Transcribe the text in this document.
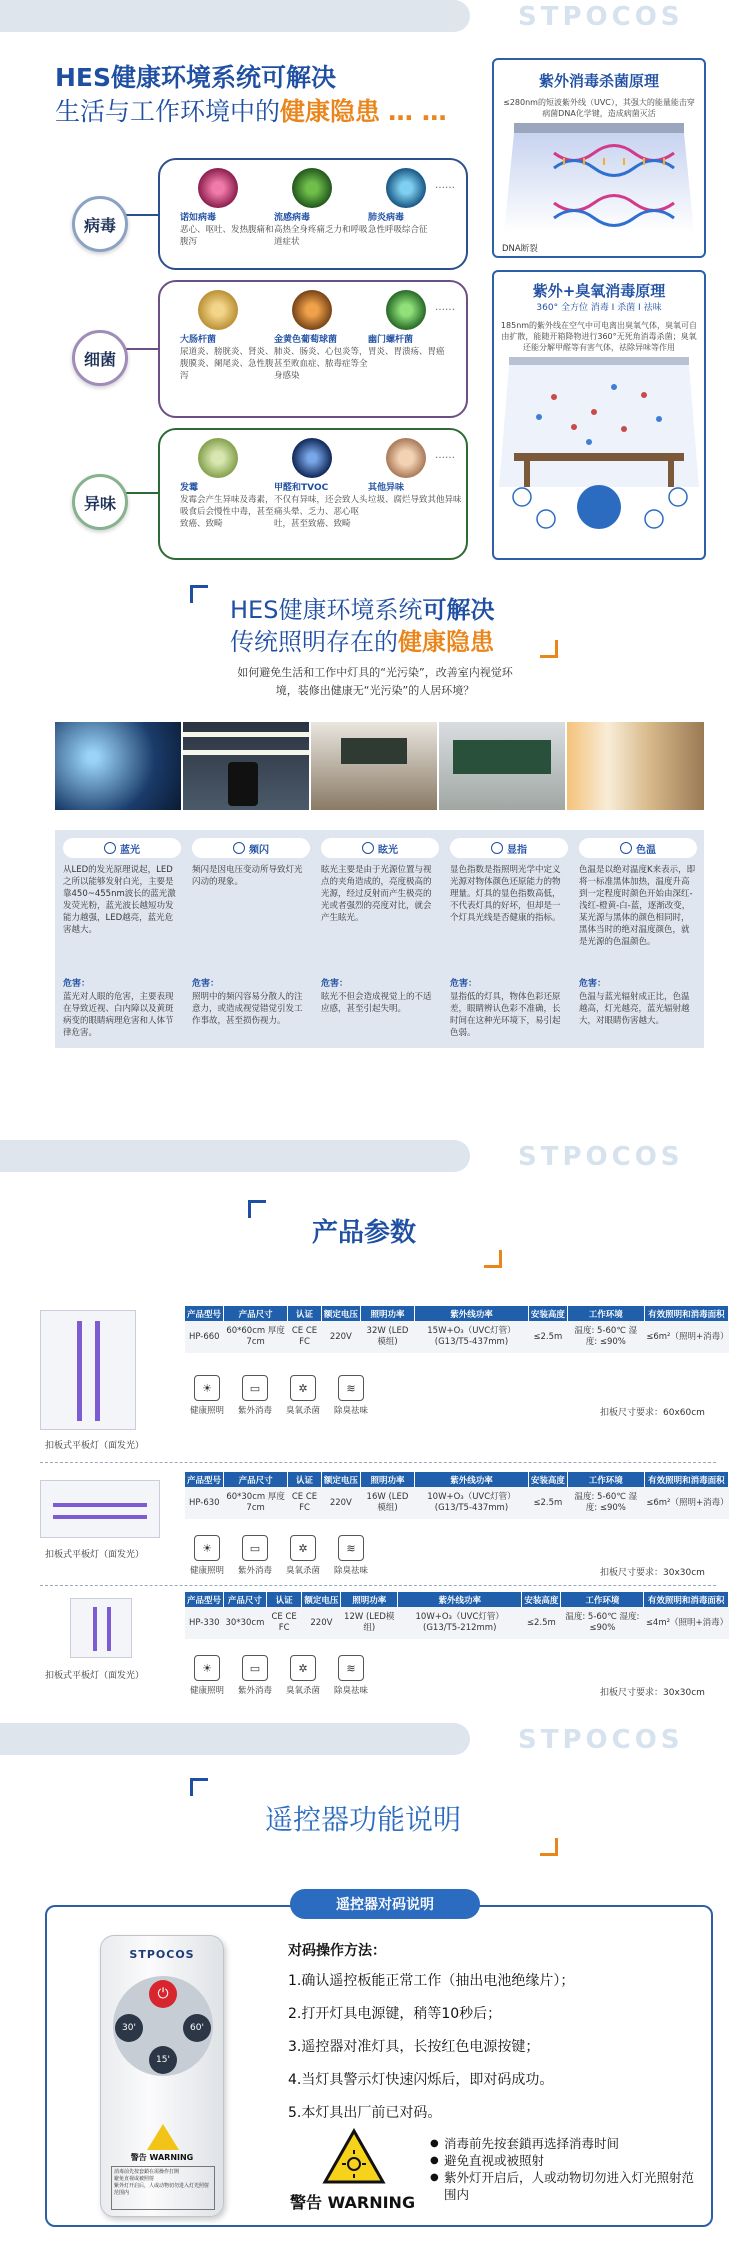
STPOCOS
HES健康环境系统可解决
生活与工作环境中的健康隐患 … …
诺如病毒
恶心、呕吐、发热腹痛和腹泻
流感病毒
高热全身疼痛乏力和呼吸道症状
肺炎病毒
急性呼吸综合征
……
病毒
大肠杆菌
尿道炎、膀胱炎、肾炎、腹膜炎、阑尾炎、急性腹泻
金黄色葡萄球菌
肺炎、肠炎、心包炎等，甚至败血症、脓毒症等全身感染
幽门螺杆菌
胃炎、胃溃疡、胃癌
……
细菌
发霉
发霉会产生异味及毒素，吸食后会慢性中毒，甚至致癌、致畸
甲醛和TVOC
不仅有异味，还会致人头痛头晕、乏力、恶心呕吐，甚至致癌、致畸
其他异味
垃圾、腐烂导致其他异味
……
异味
紫外消毒杀菌原理
≤280nm的短波紫外线（UVC），其强大的能量能击穿病菌DNA化学键，造成病菌灭活
DNA断裂
紫外+臭氧消毒原理
360° 全方位 消毒 I 杀菌 I 祛味
185nm的紫外线在空气中可电离出臭氧气体，臭氧可自由扩散，能随开箱降物进行360°无死角消毒杀菌；臭氧还能分解甲醛等有害气体，祛除异味等作用
臭氧
HES健康环境系统可解决
传统照明存在的健康隐患
如何避免生活和工作中灯具的“光污染”，改善室内视觉环境，装修出健康无“光污染”的人居环境？
蓝光
从LED的发光原理说起，LED之所以能够发射白光，主要是靠450~455nm波长的蓝光激发荧光粉，蓝光波长越短功发能力越强，LED越亮，蓝光危害越大。
危害：
蓝光对人眼的危害，主要表现在导致近视、白内障以及黄斑病变的眼睛病理危害和人体节律危害。
频闪
频闪是因电压变动所导致灯光闪动的现象。
危害：
照明中的频闪容易分散人的注意力，或造成视觉错觉引发工作事故，甚至损伤视力。
眩光
眩光主要是由于光源位置与视点的夹角造成的，亮度极高的光源，经过反射而产生极亮的光或者强烈的亮度对比，就会产生眩光。
危害：
眩光不但会造成视觉上的不适应感，甚至引起失明。
显指
显色指数是指照明光学中定义光源对物体颜色还原能力的物理量。灯具的显色指数高低，不代表灯具的好坏，但却是一个灯具光线是否健康的指标。
危害：
显指低的灯具，物体色彩还原差，眼睛辨认色彩不准确，长时间在这种光环境下，易引起色弱。
色温
色温是以绝对温度K来表示，即将一标准黑体加热，温度升高到一定程度时颜色开始由深红-浅红-橙黄-白-蓝，逐渐改变，某光源与黑体的颜色相同时，黑体当时的绝对温度颜色，就是光源的色温颜色。
危害：
色温与蓝光辐射成正比，色温越高，灯光越亮，蓝光辐射越大，对眼睛伤害越大。
STPOCOS
产品参数
扣板式平板灯（面发光）
产品型号	产品尺寸	认证	额定电压	照明功率	紫外线功率	安装高度	工作环境	有效照明和消毒面积
HP-660	60*60cm 厚度7cm	CE CE FC	220V	32W (LED模组)	15W+O₃（UVC灯管）(G13/T5-437mm)	≤2.5m	温度: 5-60℃ 湿度: ≤90%	≤6m²（照明+消毒）
☀
健康照明
▭
紫外消毒
✲
臭氧杀菌
≋
除臭祛味	扣板尺寸要求：60x60cm
扣板式平板灯（面发光）
产品型号	产品尺寸	认证	额定电压	照明功率	紫外线功率	安装高度	工作环境	有效照明和消毒面积
HP-630	60*30cm 厚度7cm	CE CE FC	220V	16W (LED模组)	10W+O₃（UVC灯管）(G13/T5-437mm)	≤2.5m	温度: 5-60℃ 湿度: ≤90%	≤6m²（照明+消毒）
☀
健康照明
▭
紫外消毒
✲
臭氧杀菌
≋
除臭祛味	扣板尺寸要求：30x30cm
扣板式平板灯（面发光）
产品型号	产品尺寸	认证	额定电压	照明功率	紫外线功率	安装高度	工作环境	有效照明和消毒面积
HP-330	30*30cm	CE CE FC	220V	12W (LED模组)	10W+O₃（UVC灯管）(G13/T5-212mm)	≤2.5m	温度: 5-60℃ 湿度: ≤90%	≤4m²（照明+消毒）
☀
健康照明
▭
紫外消毒
✲
臭氧杀菌
≋
除臭祛味	扣板尺寸要求：30x30cm
STPOCOS
遥控器功能说明
遥控器对码说明
STPOCOS
⏻
30'	60'
15'
警告 WARNING
消毒前先按套鎖在需操作打開
避免直视或被照射
紫外灯开启后，人或动物切勿进入灯光照射范围内
对码操作方法：
1.确认遥控板能正常工作（抽出电池绝缘片）；
2.打开灯具电源键，稍等10秒后；
3.遥控器对准灯具，长按红色电源按键；
4.当灯具警示灯快速闪烁后，即对码成功。
5.本灯具出厂前已对码。
警告 WARNING
● 消毒前先按套鎖再选择消毒时间
● 避免直视或被照射
● 紫外灯开启后，人或动物切勿进入灯光照射范围内
